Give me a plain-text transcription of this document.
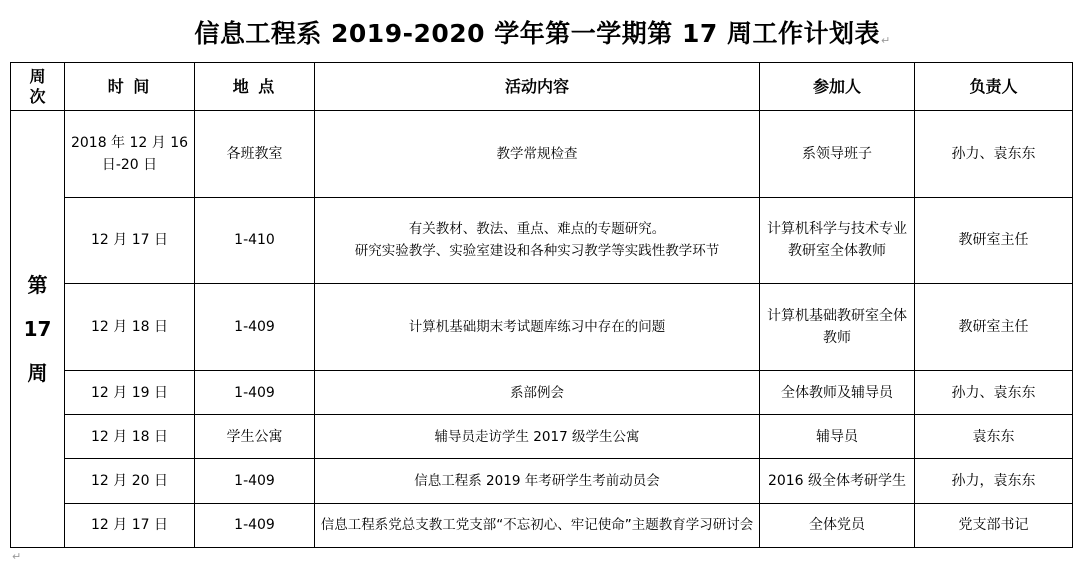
信息工程系 2019-2020 学年第一学期第 17 周工作计划表↵
周
次	时 间	地 点	活动内容	参加人	负责人
第
17
周	2018 年 12 月 16 日-20 日	各班教室	教学常规检查	系领导班子	孙力、袁东东
	12 月 17 日	1-410	有关教材、教法、重点、难点的专题研究。
研究实验教学、实验室建设和各种实习教学等实践性教学环节	计算机科学与技术专业教研室全体教师	教研室主任
	12 月 18 日	1-409	计算机基础期末考试题库练习中存在的问题	计算机基础教研室全体教师	教研室主任
	12 月 19 日	1-409	系部例会	全体教师及辅导员	孙力、袁东东
	12 月 18 日	学生公寓	辅导员走访学生 2017 级学生公寓	辅导员	袁东东
	12 月 20 日	1-409	信息工程系 2019 年考研学生考前动员会	2016 级全体考研学生	孙力，袁东东
	12 月 17 日	1-409	信息工程系党总支教工党支部“不忘初心、牢记使命”主题教育学习研讨会	全体党员	党支部书记
↵
